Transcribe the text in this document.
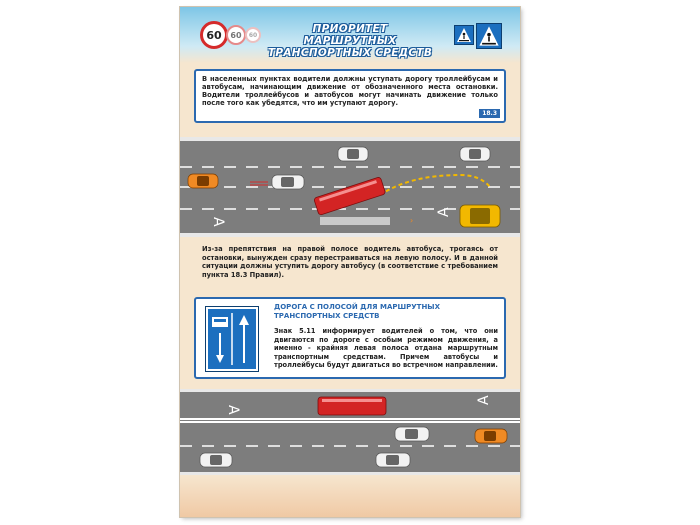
60 60 60	ПРИОРИТЕТ МАРШРУТНЫХ ТРАНСПОРТНЫХ СРЕДСТВ

В населенных пунктах водители должны уступать дорогу троллейбусам и автобусам, начинающим движение от обозначенного места остановки. Водители троллейбусов и автобусов могут начинать движение только после того как убедятся, что им уступают дорогу.

18.3
A
A
›
Из-за препятствия на правой полосе водитель автобуса, трогаясь от остановки, вынужден сразу перестраиваться на левую полосу. И в данной ситуации должны уступить дорогу автобусу (в соответствие с требованием пункта 18.3 Правил).
ДОРОГА С ПОЛОСОЙ ДЛЯ МАРШРУТНЫХ ТРАНСПОРТНЫХ СРЕДСТВ

Знак 5.11 информирует водителей о том, что они двигаются по дороге с особым режимом движения, а именно - крайняя левая полоса отдана маршрутным транспортным средствам. Причем автобусы и троллейбусы будут двигаться во встречном направлении.

A
A
